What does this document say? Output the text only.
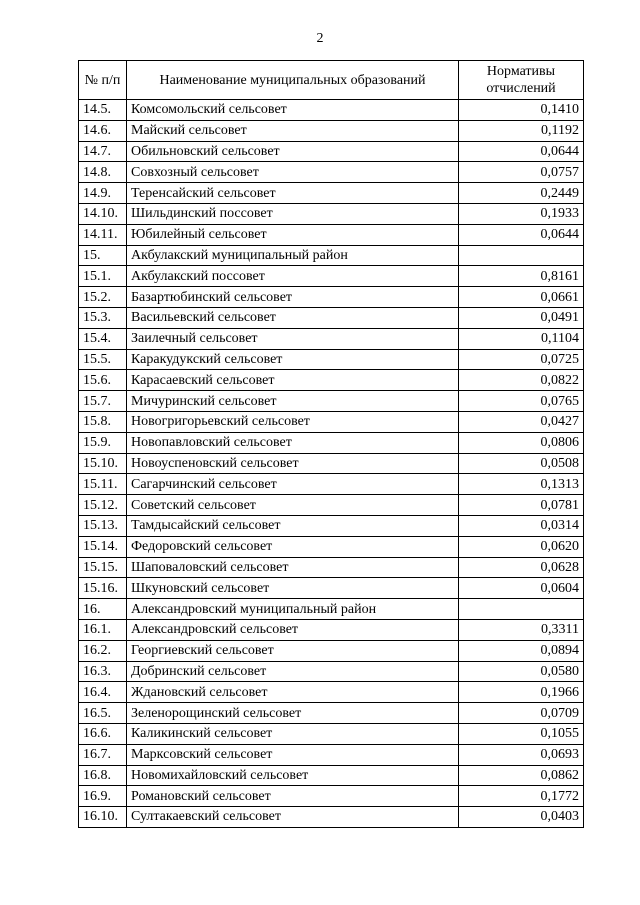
2
№ п/п	Наименование муниципальных образований	Нормативы отчислений
14.5.	Комсомольский сельсовет	0,1410
14.6.	Майский сельсовет	0,1192
14.7.	Обильновский сельсовет	0,0644
14.8.	Совхозный сельсовет	0,0757
14.9.	Теренсайский сельсовет	0,2449
14.10.	Шильдинский поссовет	0,1933
14.11.	Юбилейный сельсовет	0,0644
15.	Акбулакский муниципальный район	
15.1.	Акбулакский поссовет	0,8161
15.2.	Базартюбинский сельсовет	0,0661
15.3.	Васильевский сельсовет	0,0491
15.4.	Заилечный сельсовет	0,1104
15.5.	Каракудукский сельсовет	0,0725
15.6.	Карасаевский сельсовет	0,0822
15.7.	Мичуринский сельсовет	0,0765
15.8.	Новогригорьевский сельсовет	0,0427
15.9.	Новопавловский сельсовет	0,0806
15.10.	Новоуспеновский сельсовет	0,0508
15.11.	Сагарчинский сельсовет	0,1313
15.12.	Советский сельсовет	0,0781
15.13.	Тамдысайский сельсовет	0,0314
15.14.	Федоровский сельсовет	0,0620
15.15.	Шаповаловский сельсовет	0,0628
15.16.	Шкуновский сельсовет	0,0604
16.	Александровский муниципальный район	
16.1.	Александровский сельсовет	0,3311
16.2.	Георгиевский сельсовет	0,0894
16.3.	Добринский сельсовет	0,0580
16.4.	Ждановский сельсовет	0,1966
16.5.	Зеленорощинский сельсовет	0,0709
16.6.	Каликинский сельсовет	0,1055
16.7.	Марксовский сельсовет	0,0693
16.8.	Новомихайловский сельсовет	0,0862
16.9.	Романовский сельсовет	0,1772
16.10.	Султакаевский сельсовет	0,0403
